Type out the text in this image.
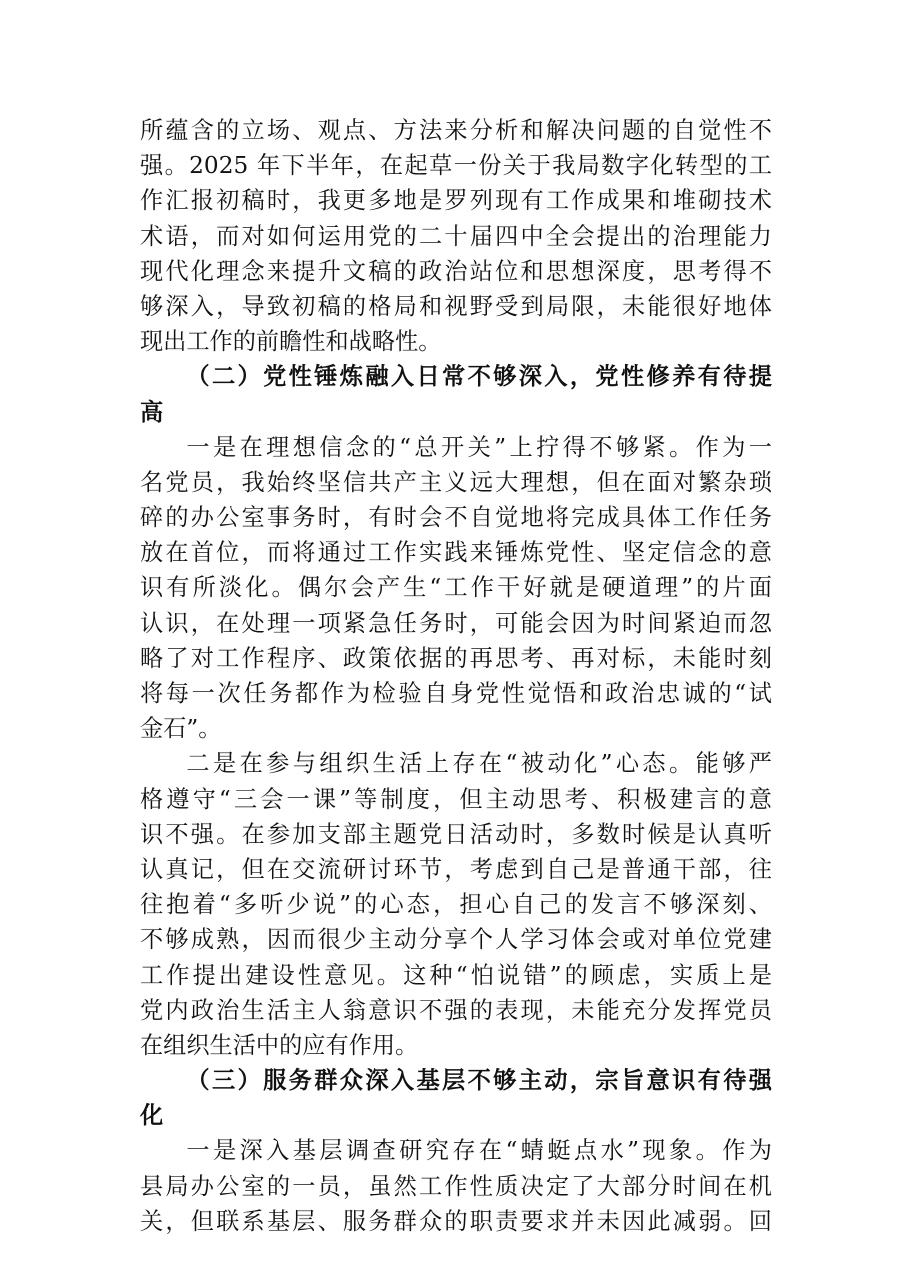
所蕴含的立场、观点、方法来分析和解决问题的自觉性不
强。2025 年下半年，在起草一份关于我局数字化转型的工
作汇报初稿时，我更多地是罗列现有工作成果和堆砌技术
术语，而对如何运用党的二十届四中全会提出的治理能力
现代化理念来提升文稿的政治站位和思想深度，思考得不
够深入，导致初稿的格局和视野受到局限，未能很好地体
现出工作的前瞻性和战略性。
（二）党性锤炼融入日常不够深入，党性修养有待提
高
一是在理想信念的“总开关”上拧得不够紧。作为一
名党员，我始终坚信共产主义远大理想，但在面对繁杂琐
碎的办公室事务时，有时会不自觉地将完成具体工作任务
放在首位，而将通过工作实践来锤炼党性、坚定信念的意
识有所淡化。偶尔会产生“工作干好就是硬道理”的片面
认识，在处理一项紧急任务时，可能会因为时间紧迫而忽
略了对工作程序、政策依据的再思考、再对标，未能时刻
将每一次任务都作为检验自身党性觉悟和政治忠诚的“试
金石”。
二是在参与组织生活上存在“被动化”心态。能够严
格遵守“三会一课”等制度，但主动思考、积极建言的意
识不强。在参加支部主题党日活动时，多数时候是认真听
认真记，但在交流研讨环节，考虑到自己是普通干部，往
往抱着“多听少说”的心态，担心自己的发言不够深刻、
不够成熟，因而很少主动分享个人学习体会或对单位党建
工作提出建设性意见。这种“怕说错”的顾虑，实质上是
党内政治生活主人翁意识不强的表现，未能充分发挥党员
在组织生活中的应有作用。
（三）服务群众深入基层不够主动，宗旨意识有待强
化
一是深入基层调查研究存在“蜻蜓点水”现象。作为
县局办公室的一员，虽然工作性质决定了大部分时间在机
关，但联系基层、服务群众的职责要求并未因此减弱。回
